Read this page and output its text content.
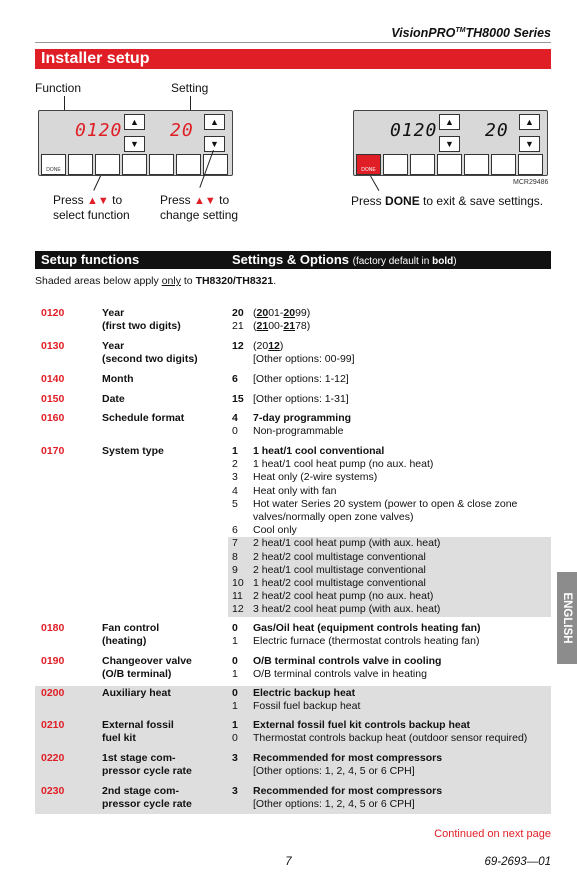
VisionPRO™TH8000 Series
Installer setup
Function	Setting
0120 ▲
▼
20	▲
▼
DONE
0120 ▲
▼
20	▲
▼
DONE
MCR29486
Press ▲▼ to
select function
Press ▲▼ to
change setting
Press DONE to exit & save settings.
Setup functions	Settings & Options (factory default in bold)
Shaded areas below apply only to TH8320/TH8321.
0120	Year
(first two digits)
20 (2001-2099)
21 (2100-2178)
0130	Year
(second two digits)
12 (2012)
[Other options: 00-99]
0140	Month	6	[Other options: 1-12]
0150	Date	15 [Other options: 1-31]
0160	Schedule format	4	7-day programming
0	Non-programmable
0170	System type	1	1 heat/1 cool conventional
2	1 heat/1 cool heat pump (no aux. heat)
3	Heat only (2-wire systems)
4	Heat only with fan
5	Hot water Series 20 system (power to open & close zone valves/normally open zone valves)
6	Cool only
7	2 heat/1 cool heat pump (with aux. heat)
8	2 heat/2 cool multistage conventional
9	2 heat/1 cool multistage conventional
10 1 heat/2 cool multistage conventional
11 2 heat/2 cool heat pump (no aux. heat)
12 3 heat/2 cool heat pump (with aux. heat)
0180	Fan control
(heating)
0	Gas/Oil heat (equipment controls heating fan)
1	Electric furnace (thermostat controls heating fan)
0190	Changeover valve
(O/B terminal)
0	O/B terminal controls valve in cooling
1	O/B terminal controls valve in heating
0200	Auxiliary heat	0	Electric backup heat
1	Fossil fuel backup heat
0210	External fossil
fuel kit
1	External fossil fuel kit controls backup heat
0	Thermostat controls backup heat (outdoor sensor required)
0220	1st stage com-
pressor cycle rate
3	Recommended for most compressors
[Other options: 1, 2, 4, 5 or 6 CPH]
0230	2nd stage com-
pressor cycle rate
3	Recommended for most compressors
[Other options: 1, 2, 4, 5 or 6 CPH]
ENGLISH
Continued on next page
7	69-2693—01
